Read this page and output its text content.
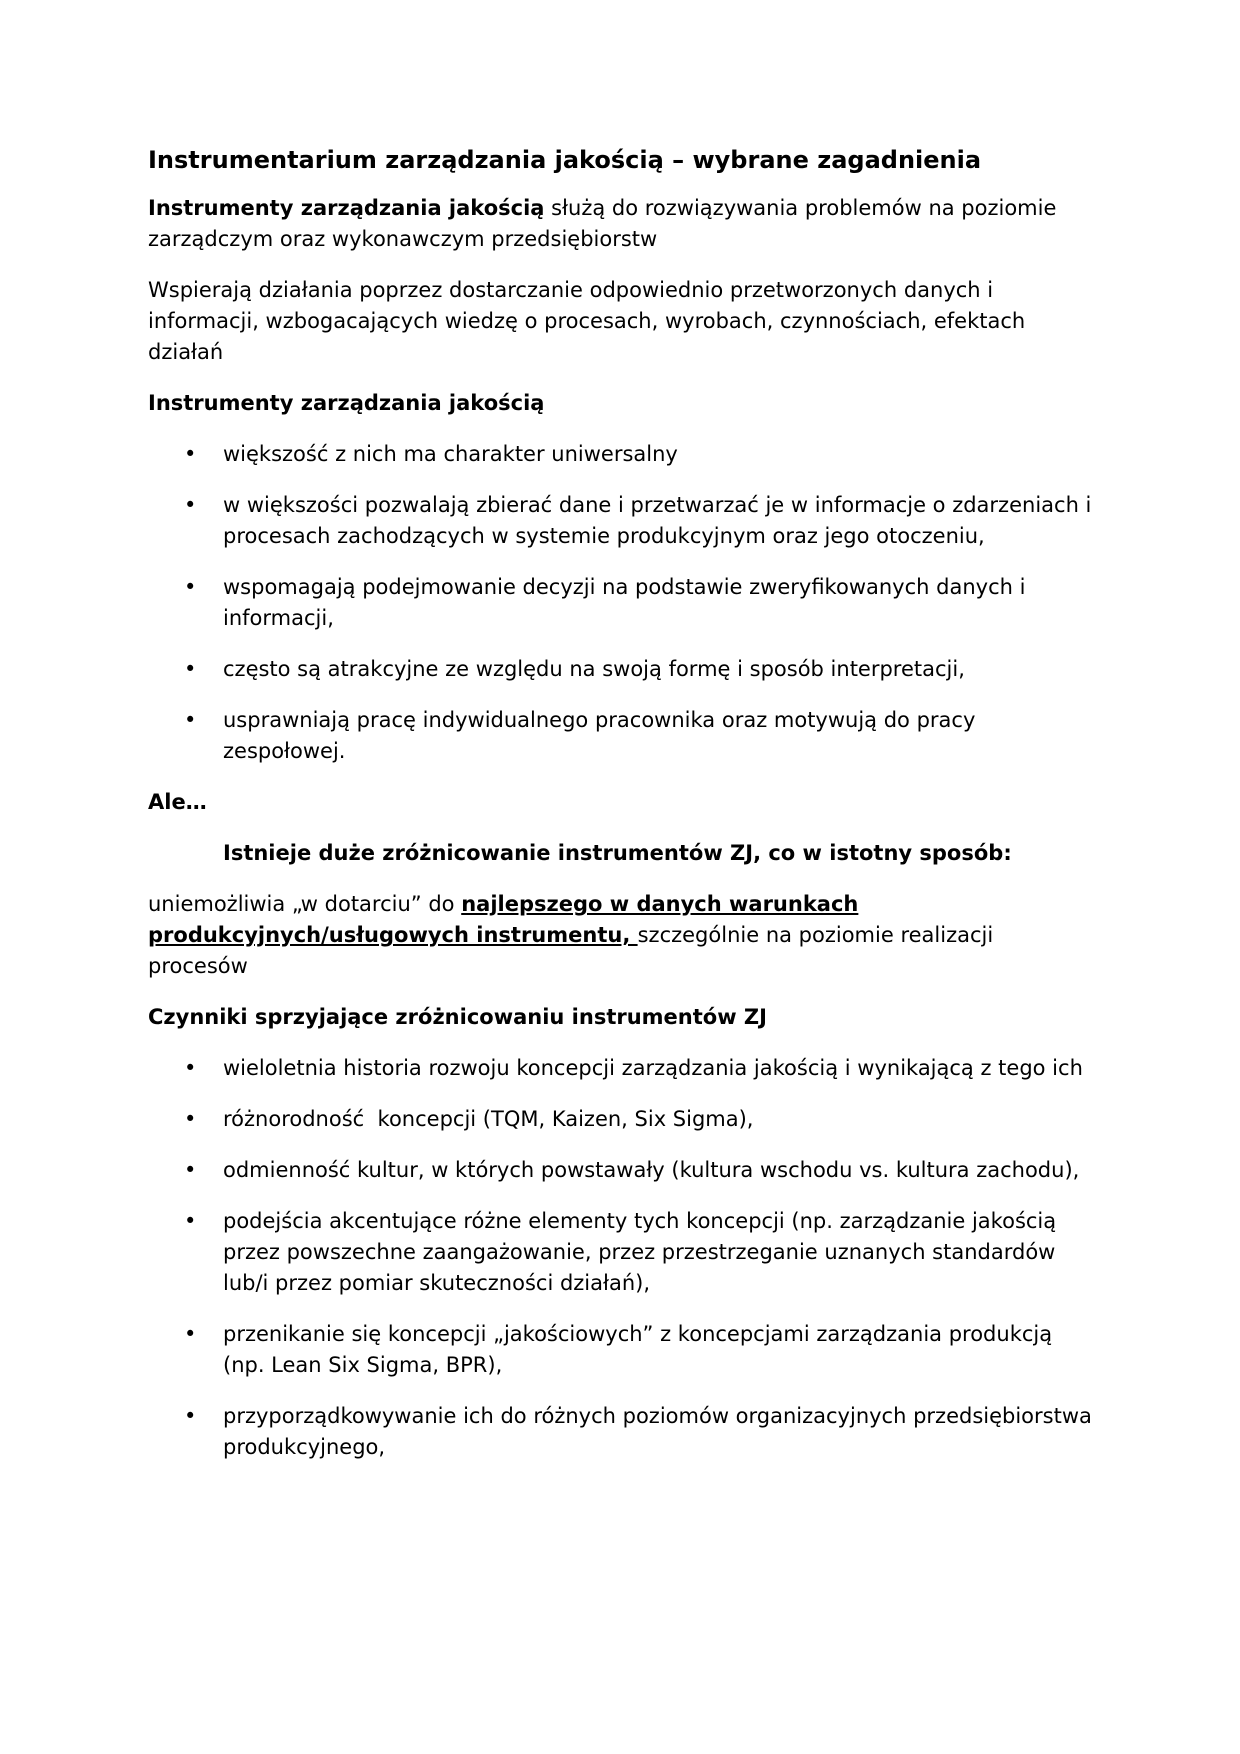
Instrumentarium zarządzania jakością – wybrane zagadnienia

Instrumenty zarządzania jakością służą do rozwiązywania problemów na poziomie zarządczym oraz wykonawczym przedsiębiorstw

Wspierają działania poprzez dostarczanie odpowiednio przetworzonych danych i informacji, wzbogacających wiedzę o procesach, wyrobach, czynnościach, efektach działań

Instrumenty zarządzania jakością
• większość z nich ma charakter uniwersalny
• w większości pozwalają zbierać dane i przetwarzać je w informacje o zdarzeniach i procesach zachodzących w systemie produkcyjnym oraz jego otoczeniu,
• wspomagają podejmowanie decyzji na podstawie zweryfikowanych danych i informacji,
• często są atrakcyjne ze względu na swoją formę i sposób interpretacji,
• usprawniają pracę indywidualnego pracownika oraz motywują do pracy zespołowej.
Ale…
Istnieje duże zróżnicowanie instrumentów ZJ, co w istotny sposób:

uniemożliwia „w dotarciu” do najlepszego w danych warunkach produkcyjnych/usługowych instrumentu, szczególnie na poziomie realizacji procesów

Czynniki sprzyjające zróżnicowaniu instrumentów ZJ
• wieloletnia historia rozwoju koncepcji zarządzania jakością i wynikającą z tego ich
• różnorodność  koncepcji (TQM, Kaizen, Six Sigma),
• odmienność kultur, w których powstawały (kultura wschodu vs. kultura zachodu),
• podejścia akcentujące różne elementy tych koncepcji (np. zarządzanie jakością przez powszechne zaangażowanie, przez przestrzeganie uznanych standardów lub/i przez pomiar skuteczności działań),
• przenikanie się koncepcji „jakościowych” z koncepcjami zarządzania produkcją (np. Lean Six Sigma, BPR),
• przyporządkowywanie ich do różnych poziomów organizacyjnych przedsiębiorstwa produkcyjnego,
